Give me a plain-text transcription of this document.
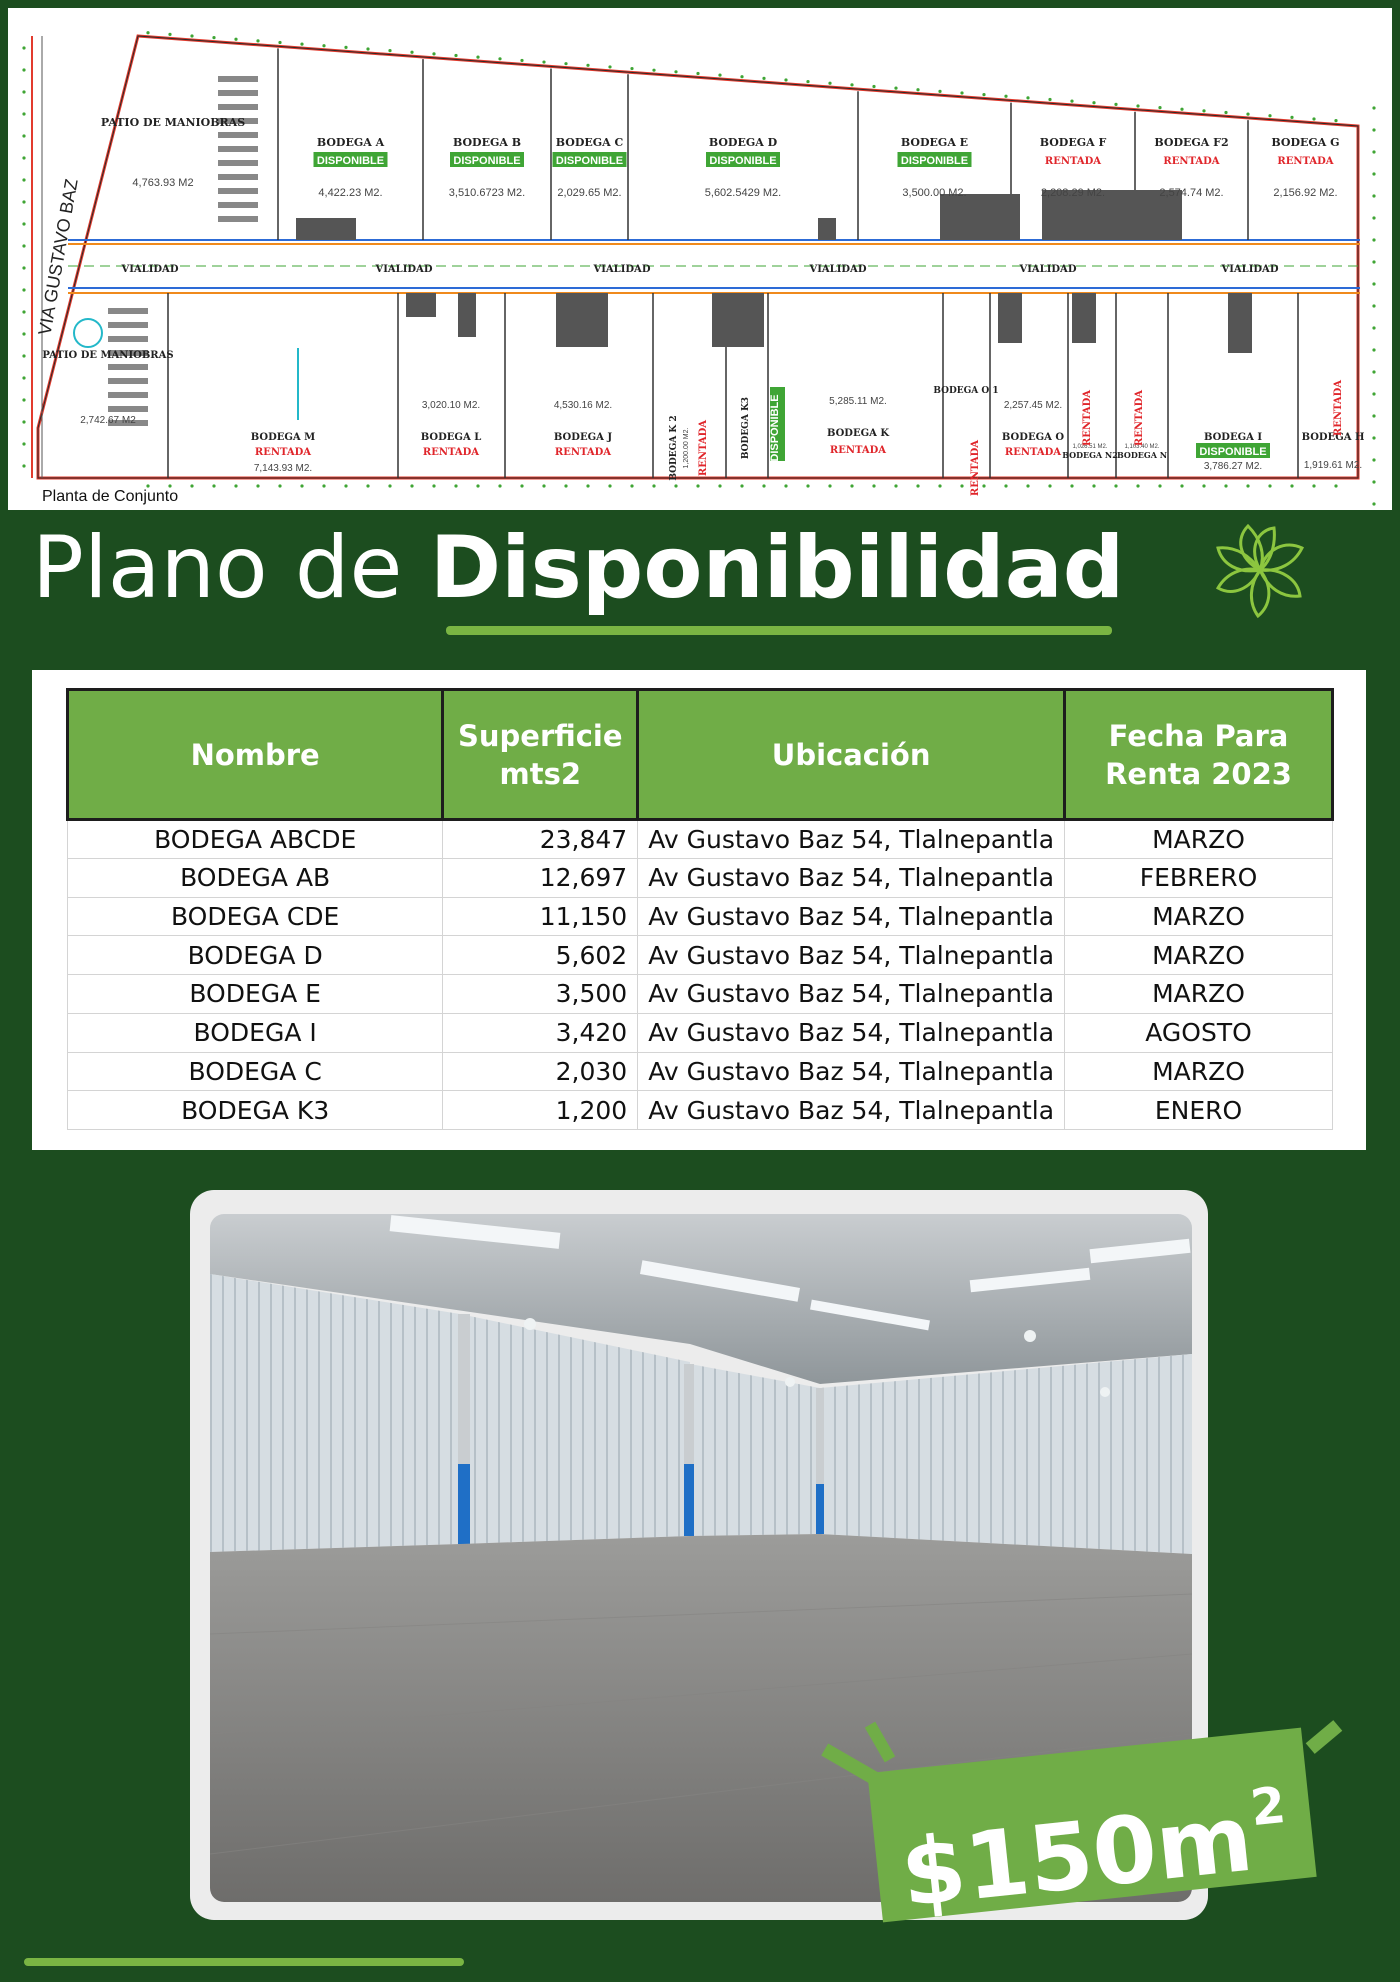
VIA GUSTAVO BAZ
PATIO DE MANIOBRAS
4,763.93 M2
BODEGA A
DISPONIBLE
4,422.23 M2.
BODEGA B
DISPONIBLE
3,510.6723 M2.
BODEGA C
DISPONIBLE
2,029.65 M2.
BODEGA D
DISPONIBLE
5,602.5429 M2.
BODEGA E
DISPONIBLE
3,500.00 M2.
BODEGA F
RENTADA
2,208.29 M2.
BODEGA F2
RENTADA
2,574.74 M2.
BODEGA G
RENTADA
2,156.92 M2.
PATIO DE MANIOBRAS
2,742.67 M2
BODEGA M
RENTADA
7,143.93 M2.
BODEGA L
RENTADA
3,020.10 M2.
BODEGA J
RENTADA
4,530.16 M2.
BODEGA K 2 RENTADA
1,200.00 M2.	BODEGA K3 DISPONIBLE	BODEGA K
RENTADA
5,285.11 M2.
BODEGA O 1
RENTADA
BODEGA O
RENTADA
2,257.45 M2.
BODEGA N2
1,026.51 M2.
RENTADA
BODEGA N
1,103.40 M2.
RENTADA	BODEGA I
DISPONIBLE
3,786.27 M2.
BODEGA H
RENTADA
1,919.61 M2.
VIALIDAD	VIALIDAD	VIALIDAD	VIALIDAD	VIALIDAD	VIALIDAD
Planta de Conjunto
Plano de Disponibilidad
Nombre	Superficie mts2	Ubicación	Fecha Para Renta 2023
BODEGA ABCDE	23,847	Av Gustavo Baz 54, Tlalnepantla	MARZO
BODEGA AB	12,697	Av Gustavo Baz 54, Tlalnepantla	FEBRERO
BODEGA CDE	11,150	Av Gustavo Baz 54, Tlalnepantla	MARZO
BODEGA D	5,602	Av Gustavo Baz 54, Tlalnepantla	MARZO
BODEGA E	3,500	Av Gustavo Baz 54, Tlalnepantla	MARZO
BODEGA I	3,420	Av Gustavo Baz 54, Tlalnepantla	AGOSTO
BODEGA C	2,030	Av Gustavo Baz 54, Tlalnepantla	MARZO
BODEGA K3	1,200	Av Gustavo Baz 54, Tlalnepantla	ENERO
$\$150m^2$
